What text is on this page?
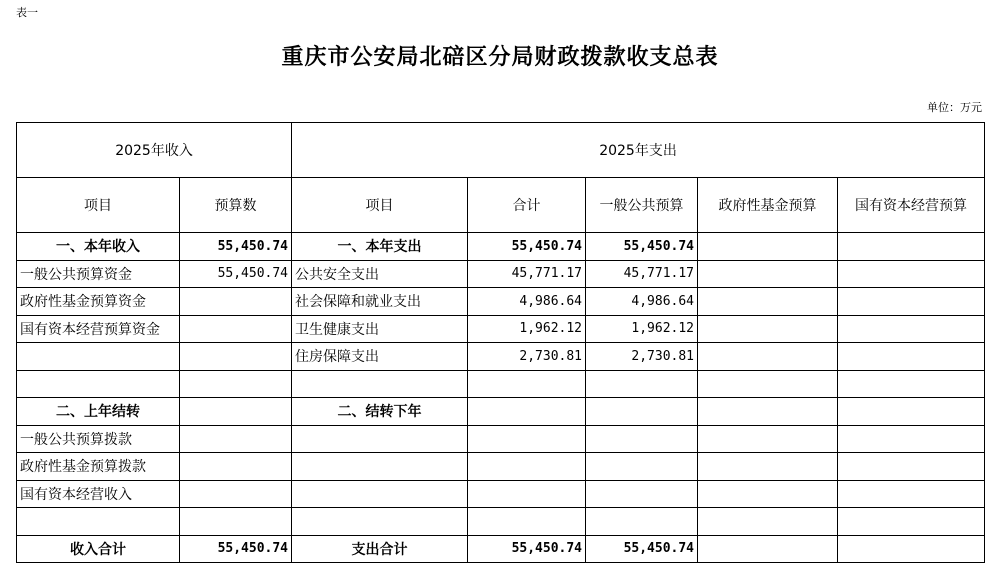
表一
重庆市公安局北碚区分局财政拨款收支总表
单位：万元
2025年收入		2025年支出				
项目	预算数	项目	合计	一般公共预算	政府性基金预算	国有资本经营预算
一、本年收入	55,450.74	一、本年支出	55,450.74	55,450.74		
一般公共预算资金	55,450.74	公共安全支出	45,771.17	45,771.17		
政府性基金预算资金		社会保障和就业支出	4,986.64	4,986.64		
国有资本经营预算资金		卫生健康支出	1,962.12	1,962.12		
		住房保障支出	2,730.81	2,730.81		

二、上年结转		二、结转下年				
一般公共预算拨款						
政府性基金预算拨款						
国有资本经营收入						

收入合计	55,450.74	支出合计	55,450.74	55,450.74		
